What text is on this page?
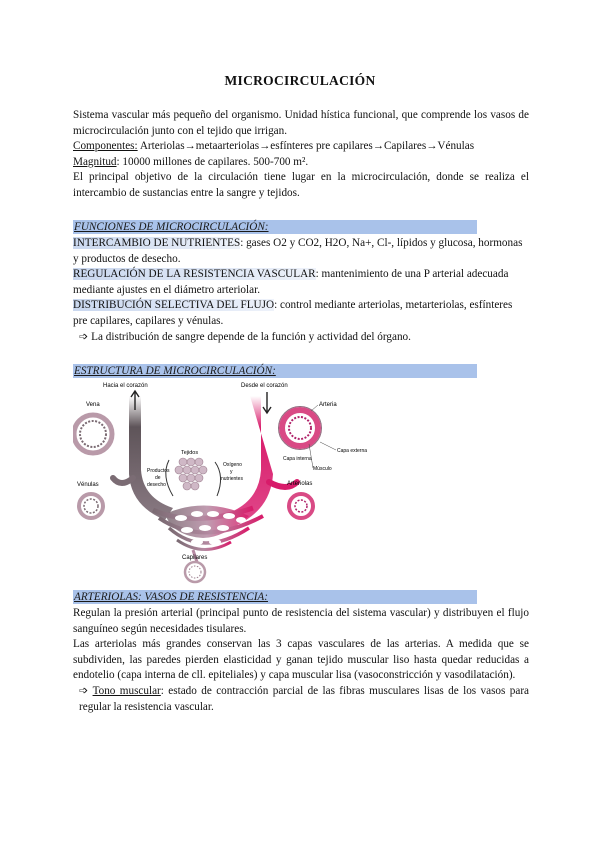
MICROCIRCULACIÓN

Sistema vascular más pequeño del organismo. Unidad hística funcional, que comprende los vasos de microcirculación junto con el tejido que irrigan.

Componentes: Arteriolas→metaarteriolas→esfínteres pre capilares→Capilares→Vénulas

Magnitud: 10000 millones de capilares. 500-700 m².

El principal objetivo de la circulación tiene lugar en la microcirculación, donde se realiza el intercambio de sustancias entre la sangre y tejidos.

FUNCIONES DE MICROCIRCULACIÓN:

INTERCAMBIO DE NUTRIENTES: gases O2 y CO2, H2O, Na+, Cl-, lípidos y glucosa, hormonas y productos de desecho.

REGULACIÓN DE LA RESISTENCIA VASCULAR: mantenimiento de una P arterial adecuada mediante ajustes en el diámetro arteriolar.

DISTRIBUCIÓN SELECTIVA DEL FLUJO: control mediante arteriolas, metarteriolas, esfínteres pre capilares, capilares y vénulas.

➩ La distribución de sangre depende de la función y actividad del órgano.

ESTRUCTURA DE MICROCIRCULACIÓN:
Hacia el corazón	Desde el corazón
Tejidos
Oxígeno
y
nutrientes
Productos
de
desecho
Vena	Arteria
Capa externa
Capa interna
Músculo
Vénulas	Arteriolas
Capilares
ARTERIOLAS: VASOS DE RESISTENCIA:

Regulan la presión arterial (principal punto de resistencia del sistema vascular) y distribuyen el flujo sanguíneo según necesidades tisulares.

Las arteriolas más grandes conservan las 3 capas vasculares de las arterias. A medida que se subdividen, las paredes pierden elasticidad y ganan tejido muscular liso hasta quedar reducidas a endotelio (capa interna de cll. epiteliales) y capa muscular lisa (vasoconstricción y vasodilatación).

➩ Tono muscular: estado de contracción parcial de las fibras musculares lisas de los vasos para regular la resistencia vascular.
